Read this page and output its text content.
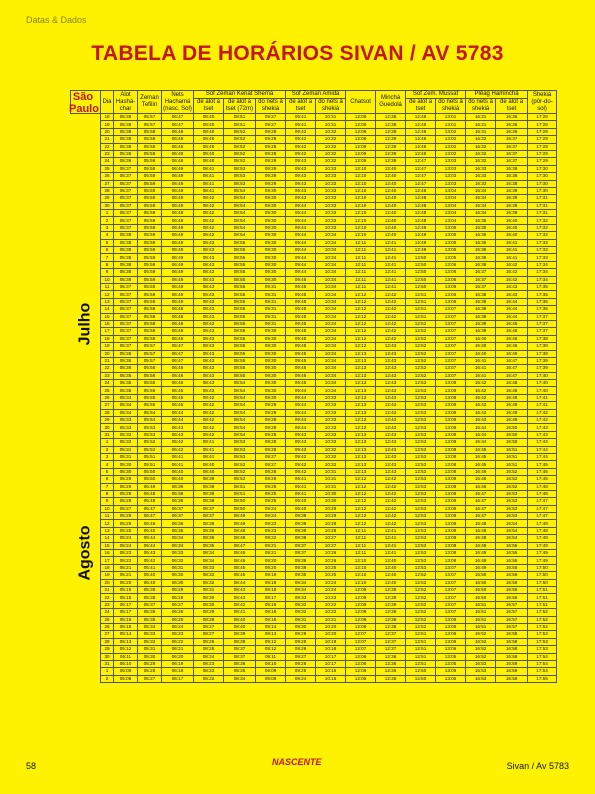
Datas & Dados
TABELA DE HORÁRIOS SIVAN / AV 5783
	Dia	Alot Hashá-char	Zeman Tefilin	Nets Hachamá (nasc. Sol)	Sof Zeman Keriat Shemá			Sof Zeman Amidá		Chatsot	Minchá Guedolá	Sof Zem. Mussaf		Plêag Haminchá		Shekiá (pôr-do-sol)
					de alot a tset	de alot a tset (72m)	do nets à shekiá	de alot a tset	do nets à shekiá			de alot a tset	do nets à shekiá	do nets à shekiá	de alot a tset	
	18	05:38	05:57	06:47	08:40	08:51	09:27	09:41	10:31	12:08	12:38	12:46	13:01	16:31	16:36	17:28
	19	05:38	05:57	06:47	08:40	08:51	09:27	09:41	10:31	12:08	12:38	12:46	13:01	16:31	16:36	17:28
	20	05:38	05:58	06:48	08:40	08:52	09:28	09:42	10:32	12:08	12:39	12:46	13:02	16:31	16:36	17:29
	21	05:38	05:58	06:48	08:40	08:52	09:28	09:42	10:32	12:08	12:39	12:46	13:02	16:32	16:37	17:29
	22	05:38	05:58	06:48	08:40	08:52	09:28	09:42	10:32	12:09	12:39	12:46	13:02	16:32	16:37	17:29
	23	05:36	05:58	06:48	08:40	08:52	09:28	09:42	10:32	12:09	12:39	12:46	13:02	16:32	16:37	17:29
	24	05:36	05:58	06:48	08:40	08:52	09:29	09:43	10:32	12:09	12:39	12:47	13:03	16:32	16:37	17:29
	25	05:37	05:58	06:49	08:41	08:53	09:29	09:43	10:33	12:10	12:40	12:47	13:03	16:33	16:38	17:30
	26	05:37	05:59	06:49	08:41	08:53	09:29	09:43	10:33	12:10	12:40	12:47	13:03	16:33	16:38	17:30
	27	05:37	05:59	06:49	08:41	08:53	09:29	09:43	10:33	12:10	12:40	12:47	13:03	16:33	16:38	17:30
	28	05:37	05:59	06:49	08:41	08:54	09:30	09:43	10:33	12:10	12:40	12:48	13:04	16:34	16:39	17:30
	29	05:37	05:59	06:49	08:42	08:54	09:30	09:43	10:33	12:10	12:40	12:48	13:04	16:34	16:39	17:31
	30	05:37	05:59	06:49	08:42	08:54	09:30	09:44	10:33	12:10	12:40	12:48	13:04	16:34	16:39	17:31
	1	05:37	05:59	06:49	08:42	08:54	09:30	09:44	10:33	12:10	12:40	12:48	13:04	16:34	16:39	17:31
	2	05:37	05:59	06:49	08:42	08:54	09:30	09:44	10:33	12:10	12:40	12:48	13:04	16:35	16:40	17:32
	3	05:37	05:59	06:49	08:42	08:54	09:30	09:44	10:33	12:10	12:40	12:49	13:05	16:35	16:40	17:32
	4	05:38	05:59	06:49	08:42	08:54	09:30	09:44	10:34	12:10	12:40	12:49	13:05	16:35	16:40	17:32
	5	05:38	05:59	06:49	08:43	08:55	09:30	09:44	10:34	12:11	12:41	12:49	13:05	16:35	16:41	17:33
	6	05:38	05:59	06:49	08:43	08:55	09:30	09:44	10:34	12:11	12:41	12:49	13:05	16:36	16:41	17:33
	7	05:38	05:59	06:49	08:43	08:55	09:30	09:44	10:34	12:11	12:41	12:50	13:05	16:36	16:41	17:33
	8	05:38	05:59	06:49	08:43	08:55	09:30	09:44	10:34	12:11	12:41	12:50	13:06	16:36	16:42	17:34
	9	05:38	05:59	06:49	08:43	08:55	09:30	09:44	10:34	12:11	12:41	12:50	13:06	16:37	16:42	17:34
	10	05:38	05:59	06:49	08:43	08:55	09:30	09:45	10:34	12:11	12:41	12:50	13:06	16:37	16:42	17:34
	11	05:37	05:59	06:49	08:43	08:55	09:31	09:45	10:34	12:11	12:41	12:50	13:06	16:37	16:43	17:35
	12	05:37	05:59	06:49	08:43	08:55	09:31	09:45	10:34	12:12	12:42	12:51	13:06	16:38	16:43	17:35
	13	05:37	05:59	06:49	08:43	08:55	09:31	09:45	10:34	12:12	12:42	12:51	13:06	16:38	16:44	17:36
	14	05:37	05:58	06:48	08:43	08:55	09:31	09:45	10:34	12:12	12:42	12:51	13:07	16:38	16:44	17:36
	15	05:37	05:58	06:48	08:43	08:55	09:31	09:45	10:34	12:12	12:42	12:51	13:07	16:39	16:44	17:37
	16	05:37	05:58	06:48	08:43	08:55	09:31	09:45	10:34	12:12	12:42	12:52	13:07	16:39	16:45	17:37
	17	05:37	05:58	06:48	08:43	08:55	09:30	09:45	10:34	12:12	12:42	12:52	13:07	16:39	16:45	17:37
	18	05:37	05:58	06:48	08:43	08:55	09:30	09:45	10:34	12:12	12:42	12:52	13:07	16:40	16:46	17:38
	19	05:37	05:57	06:47	08:43	08:55	09:30	09:45	10:34	12:12	12:43	12:52	13:07	16:40	16:46	17:38
	20	05:36	05:57	06:47	08:43	08:55	09:30	09:45	10:34	12:13	12:43	12:52	13:07	16:40	16:46	17:39
	21	05:36	05:57	06:47	08:43	08:55	09:30	09:45	10:34	12:13	12:43	12:52	13:07	16:41	16:47	17:39
	22	05:36	05:56	06:46	08:43	08:55	09:30	09:45	10:34	12:13	12:43	12:52	13:07	16:41	16:47	17:39
	23	05:35	05:56	06:46	08:43	08:55	09:30	09:45	10:34	12:13	12:43	12:52	13:07	16:41	16:47	17:40
	24	05:35	05:56	06:46	08:43	08:54	09:30	09:45	10:34	12:13	12:43	12:53	13:08	16:42	16:48	17:40
	25	05:35	05:55	06:45	08:43	08:54	09:30	09:44	10:34	12:13	12:43	12:53	13:08	16:42	16:48	17:40
	26	05:34	05:55	06:45	08:42	08:54	09:30	09:44	10:33	12:13	12:43	12:53	13:08	16:42	16:48	17:41
	27	05:34	05:55	06:45	08:42	08:54	09:29	09:44	10:33	12:13	12:43	12:53	13:08	16:43	16:49	17:41
	28	05:34	05:54	06:44	08:42	08:54	09:29	09:44	10:33	12:13	12:43	12:53	13:08	16:43	16:49	17:42
	29	05:33	05:54	06:44	08:42	08:54	09:29	09:44	10:33	12:13	12:43	12:53	13:08	16:43	16:49	17:42
	30	05:33	05:53	06:43	08:42	08:54	09:29	09:44	10:33	12:13	12:43	12:53	13:08	16:44	16:50	17:43
	31	05:32	05:53	06:43	08:42	08:54	09:28	09:43	10:33	12:13	12:43	12:53	13:08	16:44	16:50	17:43
	1	05:32	05:52	06:42	08:41	08:53	09:28	09:43	10:33	12:13	12:43	12:53	13:08	16:44	16:50	17:44
	2	05:31	05:52	06:42	08:41	08:53	09:28	09:43	10:32	12:13	12:43	12:53	13:08	16:45	16:51	17:44
	3	05:31	05:51	06:41	08:41	08:53	09:27	09:42	10:32	12:13	12:43	12:53	13:08	16:45	16:51	17:44
	4	05:30	05:51	06:41	08:40	08:52	09:27	09:42	10:32	12:13	12:43	12:53	13:08	16:45	16:51	17:45
	5	05:30	05:50	06:40	08:40	08:52	09:26	09:42	10:31	12:13	12:43	12:53	13:08	16:46	16:52	17:45
	6	05:29	05:50	06:40	08:39	08:52	09:26	09:41	10:31	12:12	12:42	12:53	13:08	16:46	16:52	17:45
	7	05:29	05:49	06:39	08:39	08:51	09:26	09:41	10:31	12:12	12:42	12:53	13:08	16:46	16:52	17:46
	8	05:28	05:48	06:38	08:38	08:51	09:25	09:41	10:30	12:12	12:42	12:53	13:08	16:47	16:53	17:46
	9	05:28	05:48	06:38	08:38	08:50	09:25	09:40	10:30	12:12	12:42	12:53	13:08	16:47	16:53	17:47
	10	05:27	05:47	06:37	08:37	08:50	09:24	09:40	10:29	12:12	12:42	12:53	13:08	16:47	16:53	17:47
	11	05:26	05:47	06:37	08:37	08:49	09:24	09:39	10:29	12:12	12:42	12:53	13:08	16:47	16:53	17:47
	12	05:26	05:46	06:36	08:36	08:49	09:23	09:39	10:28	12:12	12:42	12:53	13:08	16:48	16:54	17:48
	13	05:25	05:45	06:35	08:36	08:48	09:23	09:38	10:28	12:11	12:41	12:53	13:08	16:48	16:54	17:48
	14	05:24	05:44	06:34	08:35	08:48	09:22	09:38	10:27	12:11	12:41	12:53	13:08	16:48	16:54	17:48
	15	05:24	05:44	06:34	08:35	08:47	09:21	09:37	10:27	12:11	12:41	12:53	13:08	16:49	16:55	17:49
	16	05:23	05:43	06:33	08:34	08:46	09:21	09:37	10:26	12:11	12:41	12:53	13:08	16:49	16:55	17:49
	17	05:22	05:42	06:32	08:34	08:46	09:20	09:36	10:26	12:10	12:40	12:53	13:08	16:49	16:55	17:49
	18	05:21	05:41	06:31	08:33	08:45	09:20	09:36	10:25	12:10	12:40	12:53	13:07	16:49	16:55	17:50
	19	05:21	05:40	06:30	08:32	08:45	09:19	09:35	10:25	12:10	12:40	12:52	13:07	16:50	16:56	17:50
	20	05:20	05:40	06:30	08:32	08:44	09:18	09:34	10:24	12:10	12:40	12:52	13:07	16:50	16:56	17:50
	21	05:19	05:39	06:29	08:31	08:43	09:18	09:34	10:24	12:09	12:39	12:52	13:07	16:50	16:56	17:51
	22	05:18	05:38	06:28	08:30	08:43	09:17	09:33	10:23	12:09	12:39	12:52	13:07	16:50	16:56	17:51
	23	05:17	05:37	06:27	08:30	08:42	09:16	09:32	10:22	12:09	12:39	12:52	13:07	16:51	16:57	17:51
	24	05:17	05:36	06:26	08:29	08:41	09:15	09:32	10:22	12:08	12:38	12:52	13:07	16:51	16:57	17:52
	25	05:16	05:35	06:25	08:28	08:40	09:15	09:31	10:21	12:08	12:38	12:52	13:06	16:51	16:57	17:52
	26	05:15	05:34	06:24	08:27	08:40	09:14	09:30	10:20	12:08	12:38	12:52	13:06	16:51	16:57	17:52
	27	05:14	05:33	06:23	08:27	08:39	09:13	09:29	10:20	12:07	12:37	12:51	13:06	16:52	16:58	17:53
	28	05:13	05:32	06:22	08:26	08:38	09:12	09:29	10:19	12:07	12:37	12:51	13:06	16:52	16:58	17:53
	29	05:12	05:31	06:21	08:25	08:37	09:12	09:28	10:18	12:07	12:37	12:51	13:06	16:52	16:58	17:53
	30	05:11	05:30	06:20	08:24	08:37	09:11	09:27	10:17	12:06	12:36	12:51	13:05	16:52	16:58	17:54
	31	05:10	05:29	06:19	08:23	08:36	09:10	09:26	10:17	12:06	12:36	12:51	13:05	16:53	16:59	17:54
	1	05:09	05:28	06:18	08:23	08:35	09:09	09:25	10:16	12:06	12:36	12:50	13:05	16:53	16:59	17:54
	2	05:08	05:27	06:17	08:22	08:34	09:08	09:24	10:15	12:05	12:35	12:50	13:05	16:53	16:59	17:55
São Paulo
Julho
Agosto
58	NASCENTE	Sivan / Av 5783
